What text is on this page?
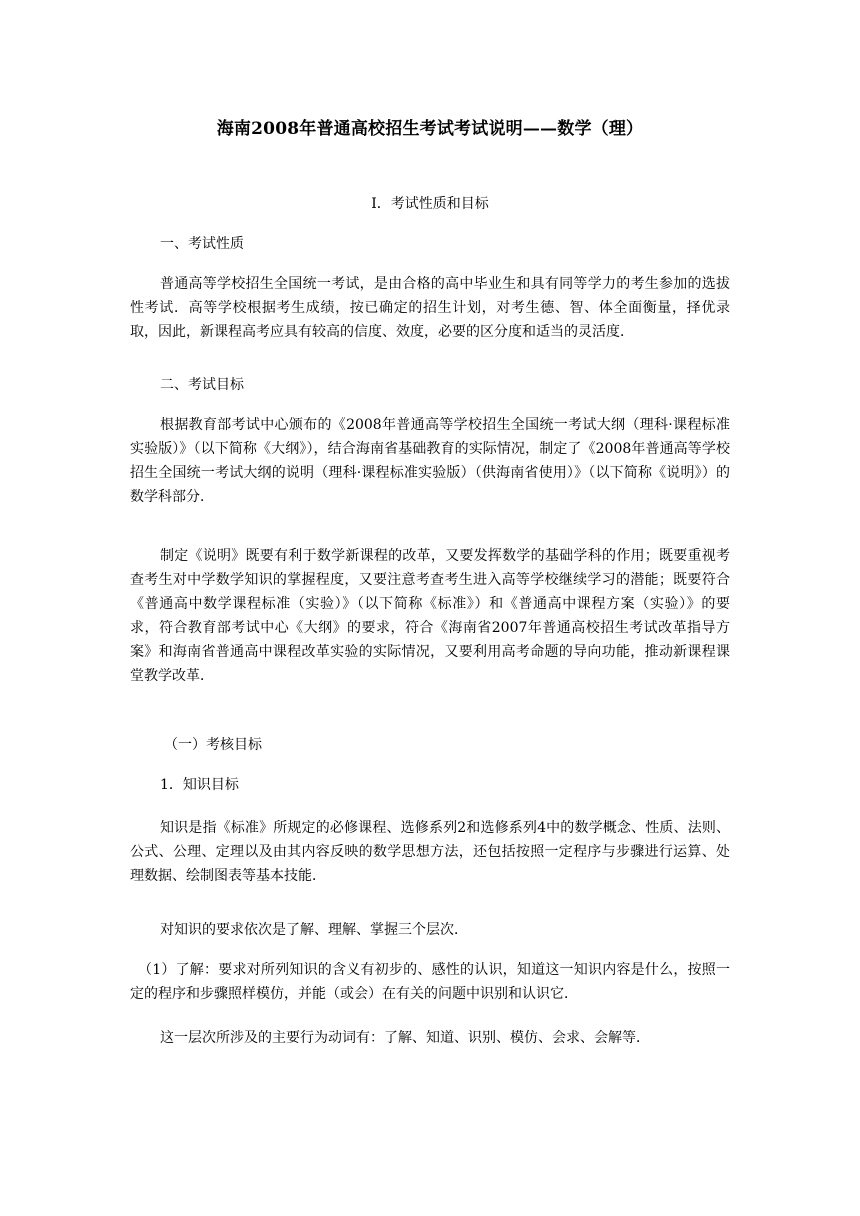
海南2008年普通高校招生考试考试说明——数学（理）
Ⅰ．考试性质和目标

一、考试性质

普通高等学校招生全国统一考试，是由合格的高中毕业生和具有同等学力的考生参加的选拔性考试．高等学校根据考生成绩，按已确定的招生计划，对考生德、智、体全面衡量，择优录取，因此，新课程高考应具有较高的信度、效度，必要的区分度和适当的灵活度．

二、考试目标

根据教育部考试中心颁布的《2008年普通高等学校招生全国统一考试大纲（理科·课程标准实验版）》（以下简称《大纲》），结合海南省基础教育的实际情况，制定了《2008年普通高等学校招生全国统一考试大纲的说明（理科·课程标准实验版）（供海南省使用）》（以下简称《说明》）的数学科部分．

制定《说明》既要有利于数学新课程的改革，又要发挥数学的基础学科的作用；既要重视考查考生对中学数学知识的掌握程度，又要注意考查考生进入高等学校继续学习的潜能；既要符合《普通高中数学课程标准（实验）》（以下简称《标准》）和《普通高中课程方案（实验）》的要求，符合教育部考试中心《大纲》的要求，符合《海南省2007年普通高校招生考试改革指导方案》和海南省普通高中课程改革实验的实际情况，又要利用高考命题的导向功能，推动新课程课堂教学改革．

（一）考核目标

1．知识目标

知识是指《标准》所规定的必修课程、选修系列2和选修系列4中的数学概念、性质、法则、公式、公理、定理以及由其内容反映的数学思想方法，还包括按照一定程序与步骤进行运算、处理数据、绘制图表等基本技能．

对知识的要求依次是了解、理解、掌握三个层次．

（1）了解：要求对所列知识的含义有初步的、感性的认识，知道这一知识内容是什么，按照一定的程序和步骤照样模仿，并能（或会）在有关的问题中识别和认识它．

这一层次所涉及的主要行为动词有：了解、知道、识别、模仿、会求、会解等．
